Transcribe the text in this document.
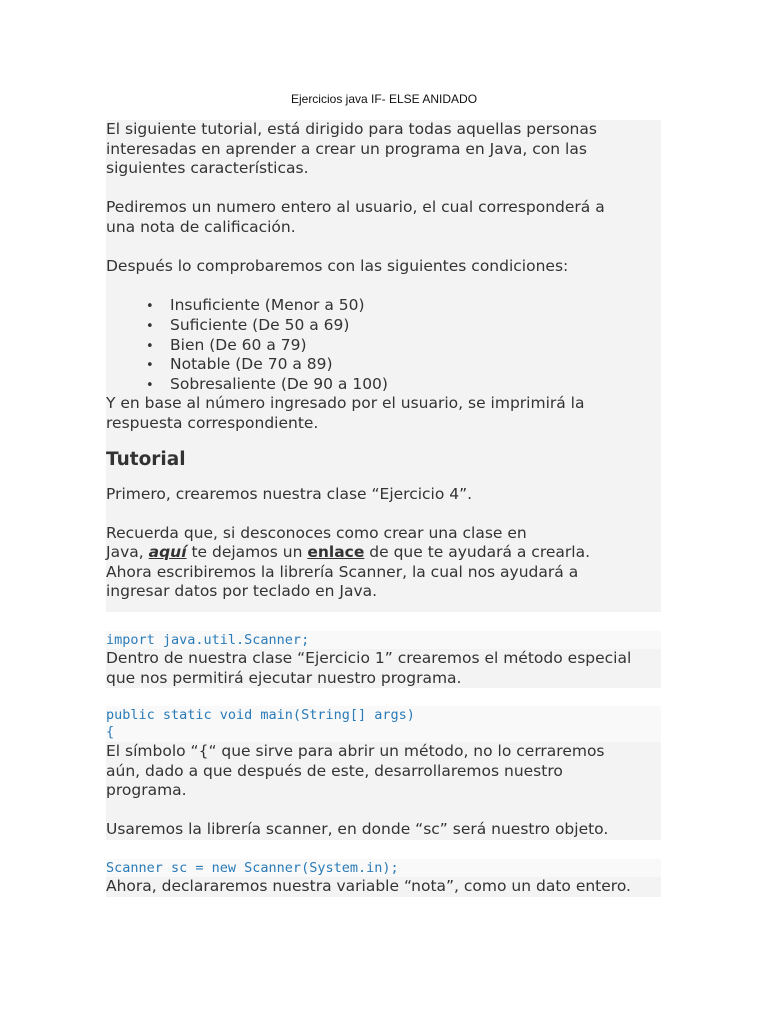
Ejercicios java IF- ELSE ANIDADO
El siguiente tutorial, está dirigido para todas aquellas personas
interesadas en aprender a crear un programa en Java, con las
siguientes características.
Pediremos un numero entero al usuario, el cual corresponderá a
una nota de calificación.
Después lo comprobaremos con las siguientes condiciones:
• Insuficiente (Menor a 50)
• Suficiente (De 50 a 69)
• Bien (De 60 a 79)
• Notable (De 70 a 89)
• Sobresaliente (De 90 a 100)
Y en base al número ingresado por el usuario, se imprimirá la
respuesta correspondiente.
Tutorial
Primero, crearemos nuestra clase “Ejercicio 4”.
Recuerda que, si desconoces como crear una clase en
Java, aquí te dejamos un enlace de que te ayudará a crearla.
Ahora escribiremos la librería Scanner, la cual nos ayudará a
ingresar datos por teclado en Java.
import java.util.Scanner;
Dentro de nuestra clase “Ejercicio 1” crearemos el método especial
que nos permitirá ejecutar nuestro programa.
public static void main(String[] args)
{
El símbolo “{“ que sirve para abrir un método, no lo cerraremos
aún, dado a que después de este, desarrollaremos nuestro
programa.
Usaremos la librería scanner, en donde “sc” será nuestro objeto.
Scanner sc = new Scanner(System.in);
Ahora, declararemos nuestra variable “nota”, como un dato entero.
